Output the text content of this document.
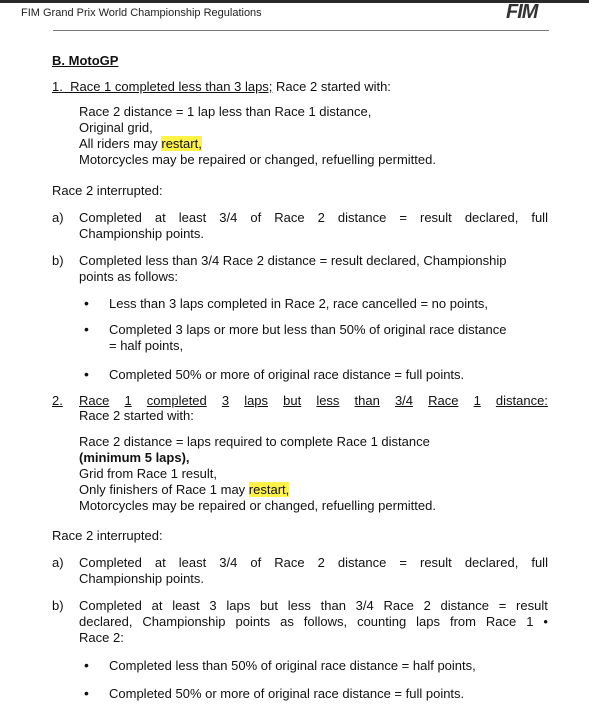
FIM Grand Prix World Championship Regulations	FIM
B. MotoGP
1. Race 1 completed less than 3 laps; Race 2 started with:
Race 2 distance = 1 lap less than Race 1 distance,
Original grid,
All riders may restart,
Motorcycles may be repaired or changed, refuelling permitted.
Race 2 interrupted:
a) Completed at least 3/4 of Race 2 distance = result declared, full
Championship points.
b) Completed less than 3/4 Race 2 distance = result declared, Championship
points as follows:
• Less than 3 laps completed in Race 2, race cancelled = no points,
• Completed 3 laps or more but less than 50% of original race distance
= half points,
• Completed 50% or more of original race distance = full points.
2. Race 1 completed 3 laps but less than 3/4 Race 1 distance:
Race 2 started with:
Race 2 distance = laps required to complete Race 1 distance
(minimum 5 laps),
Grid from Race 1 result,
Only finishers of Race 1 may restart,
Motorcycles may be repaired or changed, refuelling permitted.
Race 2 interrupted:
a) Completed at least 3/4 of Race 2 distance = result declared, full
Championship points.
b) Completed at least 3 laps but less than 3/4 Race 2 distance = result
declared, Championship points as follows, counting laps from Race 1 •
Race 2:
• Completed less than 50% of original race distance = half points,
• Completed 50% or more of original race distance = full points.
